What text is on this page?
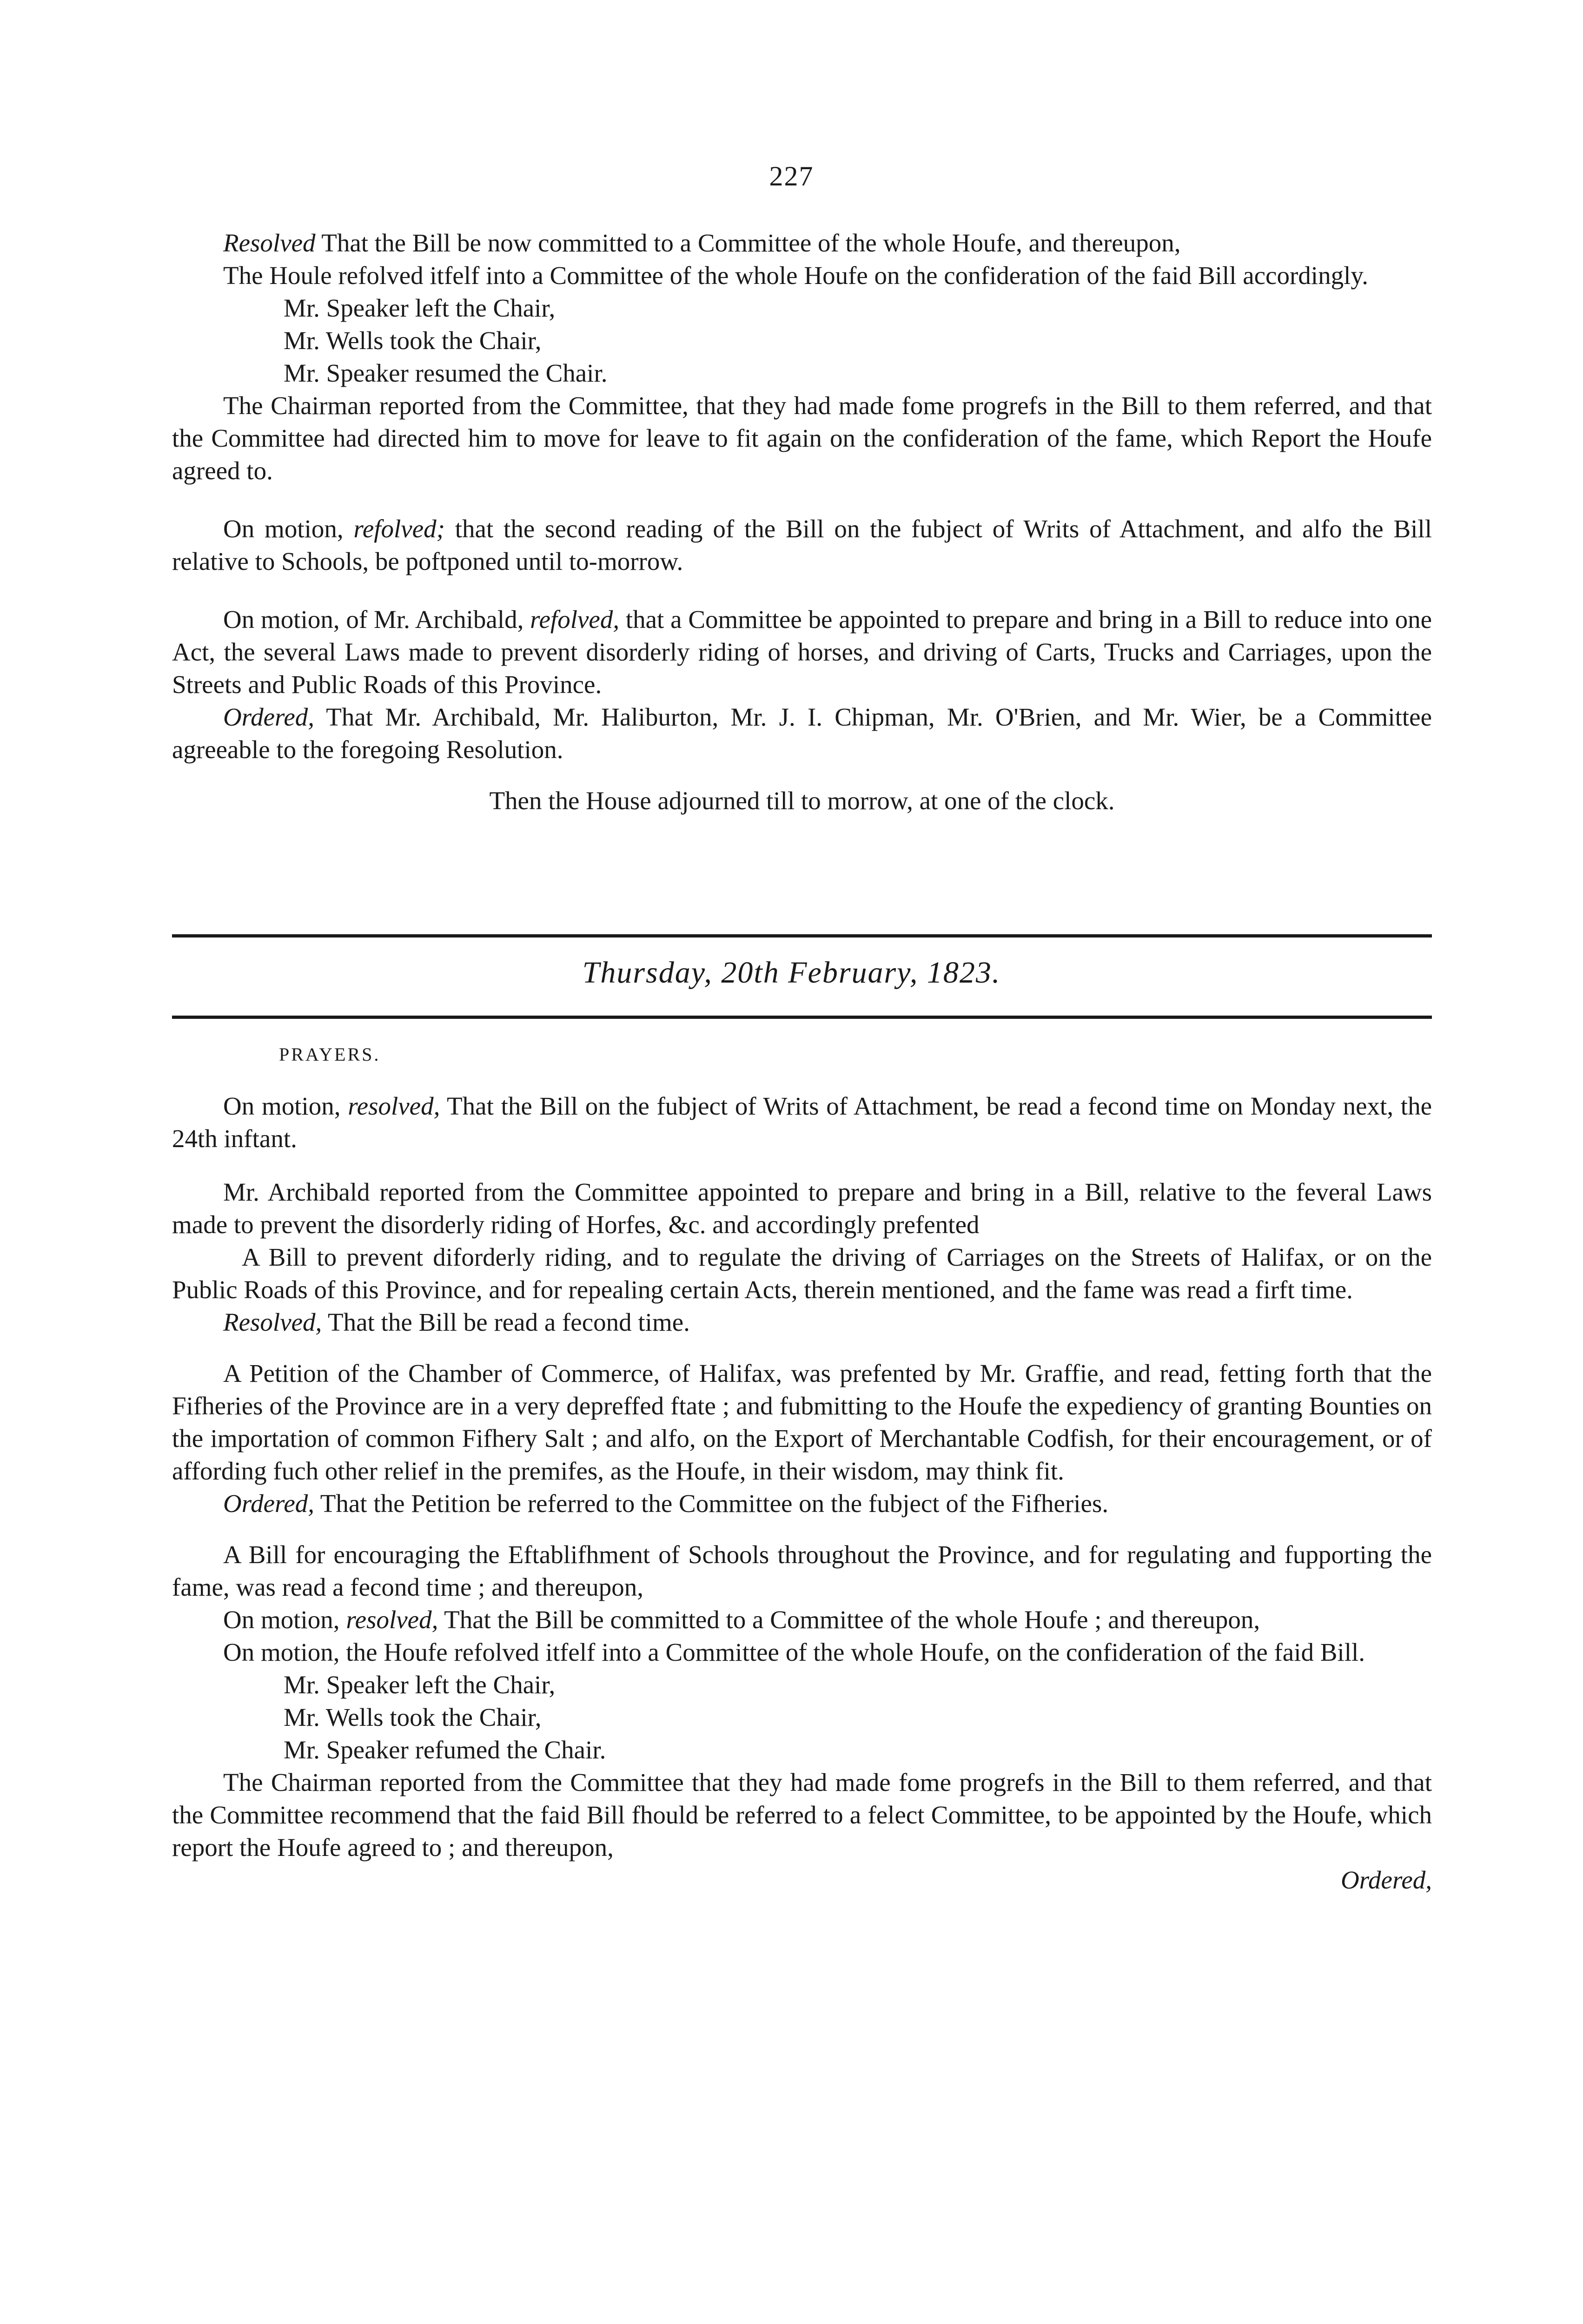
227

Resolved That the Bill be now committed to a Committee of the whole Houfe, and thereupon,

The Houle refolved itfelf into a Committee of the whole Houfe on the confideration of the faid Bill accordingly.

Mr. Speaker left the Chair,

Mr. Wells took the Chair,

Mr. Speaker resumed the Chair.

The Chairman reported from the Committee, that they had made fome progrefs in the Bill to them referred, and that the Committee had directed him to move for leave to fit again on the confideration of the fame, which Report the Houfe agreed to.

On motion, refolved; that the second reading of the Bill on the fubject of Writs of Attachment, and alfo the Bill relative to Schools, be poftponed until to-morrow.

On motion, of Mr. Archibald, refolved, that a Committee be appointed to prepare and bring in a Bill to reduce into one Act, the several Laws made to prevent disorderly riding of horses, and driving of Carts, Trucks and Carriages, upon the Streets and Public Roads of this Province.

Ordered, That Mr. Archibald, Mr. Haliburton, Mr. J. I. Chipman, Mr. O'Brien, and Mr. Wier, be a Committee agreeable to the foregoing Resolution.

Then the House adjourned till to morrow, at one of the clock.

Thursday, 20th February, 1823.
PRAYERS.

On motion, resolved, That the Bill on the fubject of Writs of Attachment, be read a fecond time on Monday next, the 24th inftant.

Mr. Archibald reported from the Committee appointed to prepare and bring in a Bill, relative to the feveral Laws made to prevent the disorderly riding of Horfes, &c. and accordingly prefented

A Bill to prevent diforderly riding, and to regulate the driving of Carriages on the Streets of Halifax, or on the Public Roads of this Province, and for repealing certain Acts, therein mentioned, and the fame was read a firft time.

Resolved, That the Bill be read a fecond time.

A Petition of the Chamber of Commerce, of Halifax, was prefented by Mr. Graffie, and read, fetting forth that the Fifheries of the Province are in a very depreffed ftate ; and fubmitting to the Houfe the expediency of granting Bounties on the importation of common Fifhery Salt ; and alfo, on the Export of Merchantable Codfish, for their encouragement, or of affording fuch other relief in the premifes, as the Houfe, in their wisdom, may think fit.

Ordered, That the Petition be referred to the Committee on the fubject of the Fifheries.

A Bill for encouraging the Eftablifhment of Schools throughout the Province, and for regulating and fupporting the fame, was read a fecond time ; and thereupon,

On motion, resolved, That the Bill be committed to a Committee of the whole Houfe ; and thereupon,

On motion, the Houfe refolved itfelf into a Committee of the whole Houfe, on the confideration of the faid Bill.

Mr. Speaker left the Chair,

Mr. Wells took the Chair,

Mr. Speaker refumed the Chair.

The Chairman reported from the Committee that they had made fome progrefs in the Bill to them referred, and that the Committee recommend that the faid Bill fhould be referred to a felect Committee, to be appointed by the Houfe, which report the Houfe agreed to ; and thereupon,

Ordered,
